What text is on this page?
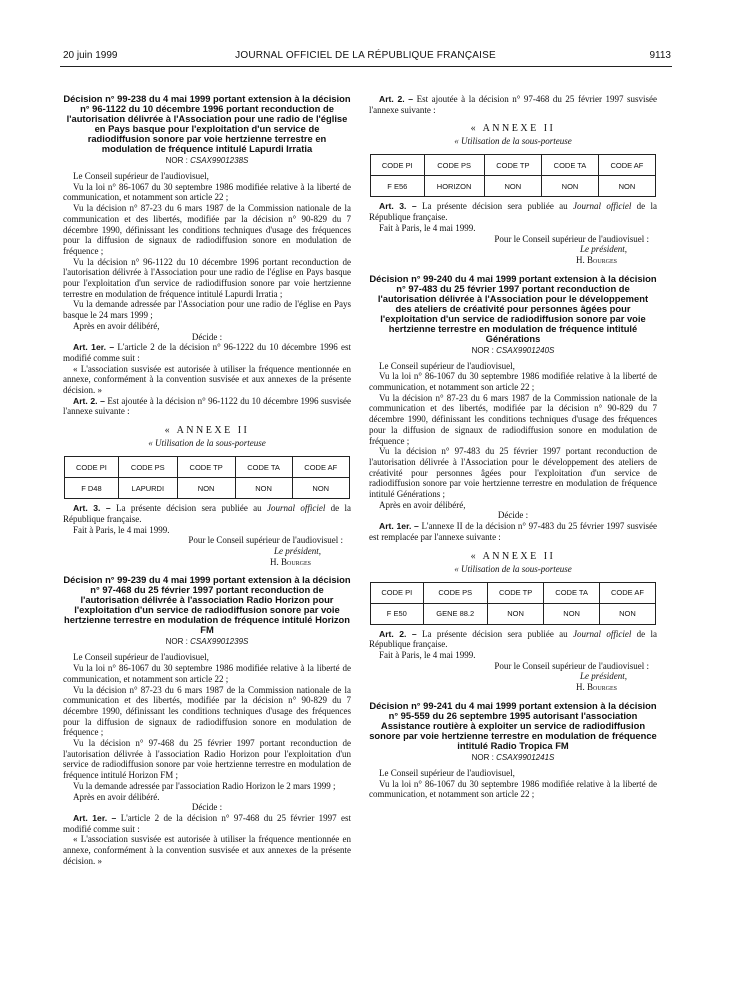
20 juin 1999	JOURNAL OFFICIEL DE LA RÉPUBLIQUE FRANÇAISE	9113

Décision n° 99-238 du 4 mai 1999 portant extension à la décision n° 96-1122 du 10 décembre 1996 portant reconduction de l'autorisation délivrée à l'Association pour une radio de l'église en Pays basque pour l'exploitation d'un service de radiodiffusion sonore par voie hertzienne terrestre en modulation de fréquence intitulé Lapurdi Irratia

NOR : CSAX9901238S

Le Conseil supérieur de l'audiovisuel,

Vu la loi n° 86-1067 du 30 septembre 1986 modifiée relative à la liberté de communication, et notamment son article 22 ;

Vu la décision n° 87-23 du 6 mars 1987 de la Commission nationale de la communication et des libertés, modifiée par la décision n° 90-829 du 7 décembre 1990, définissant les conditions techniques d'usage des fréquences pour la diffusion de signaux de radiodiffusion sonore en modulation de fréquence ;

Vu la décision n° 96-1122 du 10 décembre 1996 portant reconduction de l'autorisation délivrée à l'Association pour une radio de l'église en Pays basque pour l'exploitation d'un service de radiodiffusion sonore par voie hertzienne terrestre en modulation de fréquence intitulé Lapurdi Irratia ;

Vu la demande adressée par l'Association pour une radio de l'église en Pays basque le 24 mars 1999 ;

Après en avoir délibéré,

Décide :

Art. 1er. – L'article 2 de la décision n° 96-1222 du 10 décembre 1996 est modifié comme suit :

« L'association susvisée est autorisée à utiliser la fréquence mentionnée en annexe, conformément à la convention susvisée et aux annexes de la présente décision. »

Art. 2. – Est ajoutée à la décision n° 96-1122 du 10 décembre 1996 susvisée l'annexe suivante :

« ANNEXE II

« Utilisation de la sous-porteuse

CODE PI	CODE PS	CODE TP	CODE TA	CODE AF
F D48	LAPURDI	NON	NON	NON

Art. 3. – La présente décision sera publiée au Journal officiel de la République française.

Fait à Paris, le 4 mai 1999.

Pour le Conseil supérieur de l'audiovisuel :

Le président,

H. Bourges

Décision n° 99-239 du 4 mai 1999 portant extension à la décision n° 97-468 du 25 février 1997 portant reconduction de l'autorisation délivrée à l'association Radio Horizon pour l'exploitation d'un service de radiodiffusion sonore par voie hertzienne terrestre en modulation de fréquence intitulé Horizon FM

NOR : CSAX9901239S

Le Conseil supérieur de l'audiovisuel,

Vu la loi n° 86-1067 du 30 septembre 1986 modifiée relative à la liberté de communication, et notamment son article 22 ;

Vu la décision n° 87-23 du 6 mars 1987 de la Commission nationale de la communication et des libertés, modifiée par la décision n° 90-829 du 7 décembre 1990, définissant les conditions techniques d'usage des fréquences pour la diffusion de signaux de radiodiffusion sonore en modulation de fréquence ;

Vu la décision n° 97-468 du 25 février 1997 portant reconduction de l'autorisation délivrée à l'association Radio Horizon pour l'exploitation d'un service de radiodiffusion sonore par voie hertzienne terrestre en modulation de fréquence intitulé Horizon FM ;

Vu la demande adressée par l'association Radio Horizon le 2 mars 1999 ;

Après en avoir délibéré.

Décide :

Art. 1er. – L'article 2 de la décision n° 97-468 du 25 février 1997 est modifié comme suit :

« L'association susvisée est autorisée à utiliser la fréquence mentionnée en annexe, conformément à la convention susvisée et aux annexes de la présente décision. »

Art. 2. – Est ajoutée à la décision n° 97-468 du 25 février 1997 susvisée l'annexe suivante :

« ANNEXE II

« Utilisation de la sous-porteuse

CODE PI	CODE PS	CODE TP	CODE TA	CODE AF
F E56	HORIZON	NON	NON	NON

Art. 3. – La présente décision sera publiée au Journal officiel de la République française.

Fait à Paris, le 4 mai 1999.

Pour le Conseil supérieur de l'audiovisuel :

Le président,

H. Bourges

Décision n° 99-240 du 4 mai 1999 portant extension à la décision n° 97-483 du 25 février 1997 portant reconduction de l'autorisation délivrée à l'Association pour le développement des ateliers de créativité pour personnes âgées pour l'exploitation d'un service de radiodiffusion sonore par voie hertzienne terrestre en modulation de fréquence intitulé Générations

NOR : CSAX9901240S

Le Conseil supérieur de l'audiovisuel,

Vu la loi n° 86-1067 du 30 septembre 1986 modifiée relative à la liberté de communication, et notamment son article 22 ;

Vu la décision n° 87-23 du 6 mars 1987 de la Commission nationale de la communication et des libertés, modifiée par la décision n° 90-829 du 7 décembre 1990, définissant les conditions techniques d'usage des fréquences pour la diffusion de signaux de radiodiffusion sonore en modulation de fréquence ;

Vu la décision n° 97-483 du 25 février 1997 portant reconduction de l'autorisation délivrée à l'Association pour le développement des ateliers de créativité pour personnes âgées pour l'exploitation d'un service de radiodiffusion sonore par voie hertzienne terrestre en modulation de fréquence intitulé Générations ;

Après en avoir délibéré,

Décide :

Art. 1er. – L'annexe II de la décision n° 97-483 du 25 février 1997 susvisée est remplacée par l'annexe suivante :

« ANNEXE II

« Utilisation de la sous-porteuse

CODE PI	CODE PS	CODE TP	CODE TA	CODE AF
F E50	GENE 88.2	NON	NON	NON

Art. 2. – La présente décision sera publiée au Journal officiel de la République française.

Fait à Paris, le 4 mai 1999.

Pour le Conseil supérieur de l'audiovisuel :

Le président,

H. Bourges

Décision n° 99-241 du 4 mai 1999 portant extension à la décision n° 95-559 du 26 septembre 1995 autorisant l'association Assistance routière à exploiter un service de radiodiffusion sonore par voie hertzienne terrestre en modulation de fréquence intitulé Radio Tropica FM

NOR : CSAX9901241S

Le Conseil supérieur de l'audiovisuel,

Vu la loi n° 86-1067 du 30 septembre 1986 modifiée relative à la liberté de communication, et notamment son article 22 ;
